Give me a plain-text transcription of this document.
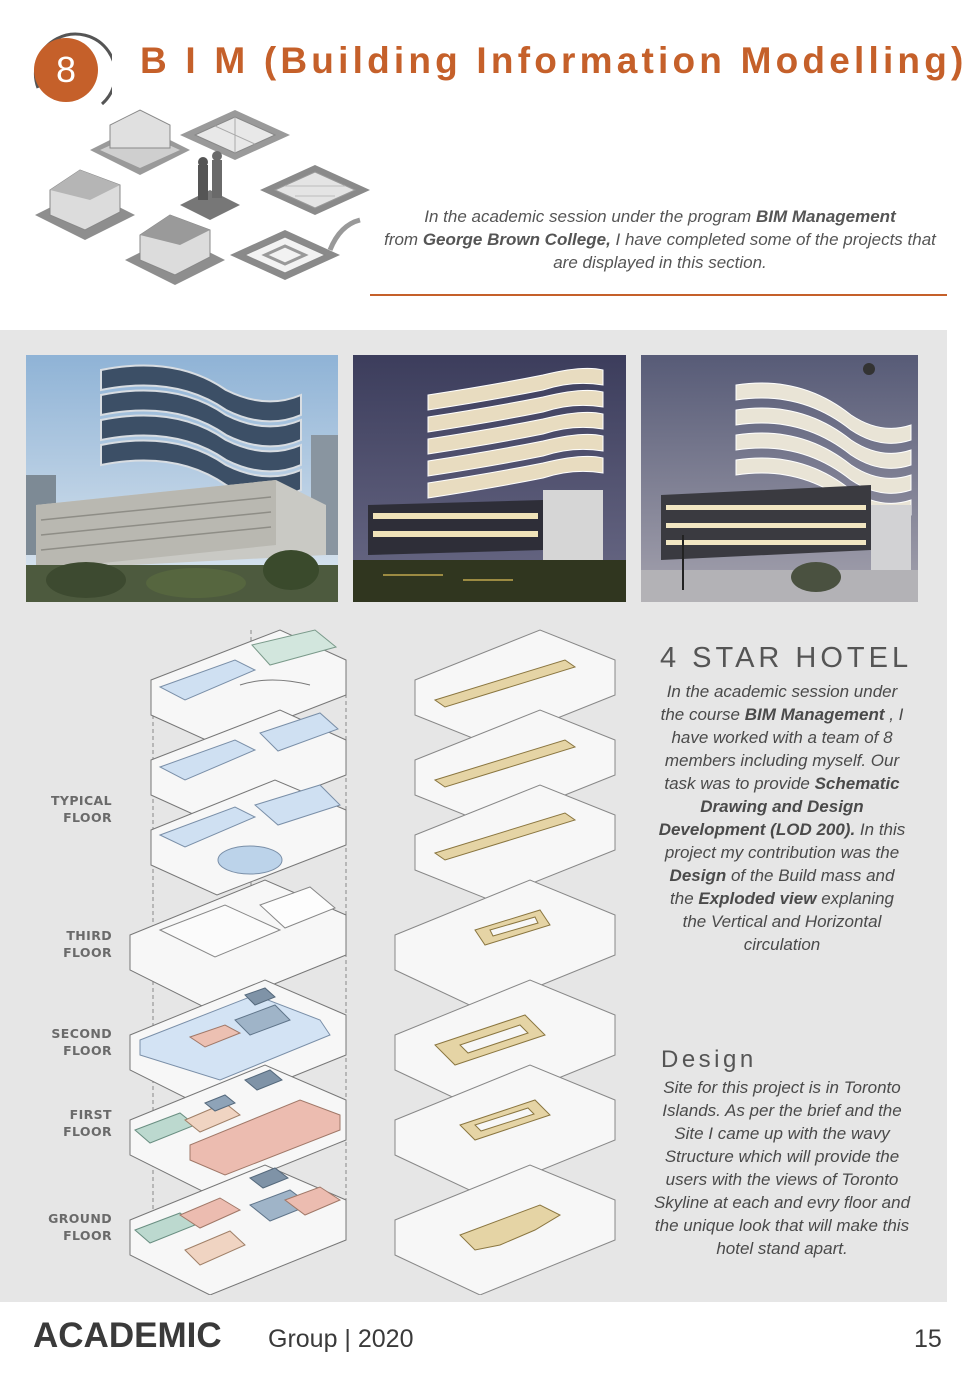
8	B I M (Building Information Modelling)
In the academic session under the program BIM Management
from George Brown College, I have completed some of the projects that are displayed in this section.
TYPICAL
FLOOR
THIRD
FLOOR
SECOND
FLOOR
FIRST
FLOOR
GROUND
FLOOR
4 STAR HOTEL
In the academic session under the course BIM Management , I have worked with a team of 8 members including myself. Our task was to provide Schematic Drawing and Design Development (LOD 200). In this project my contribution was the Design of the Build mass and the Exploded view explaning the Vertical and Horizontal circulation
Design
Site for this project is in Toronto Islands. As per the brief and the Site I came up with the wavy Structure which will provide the users with the views of Toronto Skyline at each and evry floor and the unique look that will make this hotel stand apart.
ACADEMIC Group | 2020	15
